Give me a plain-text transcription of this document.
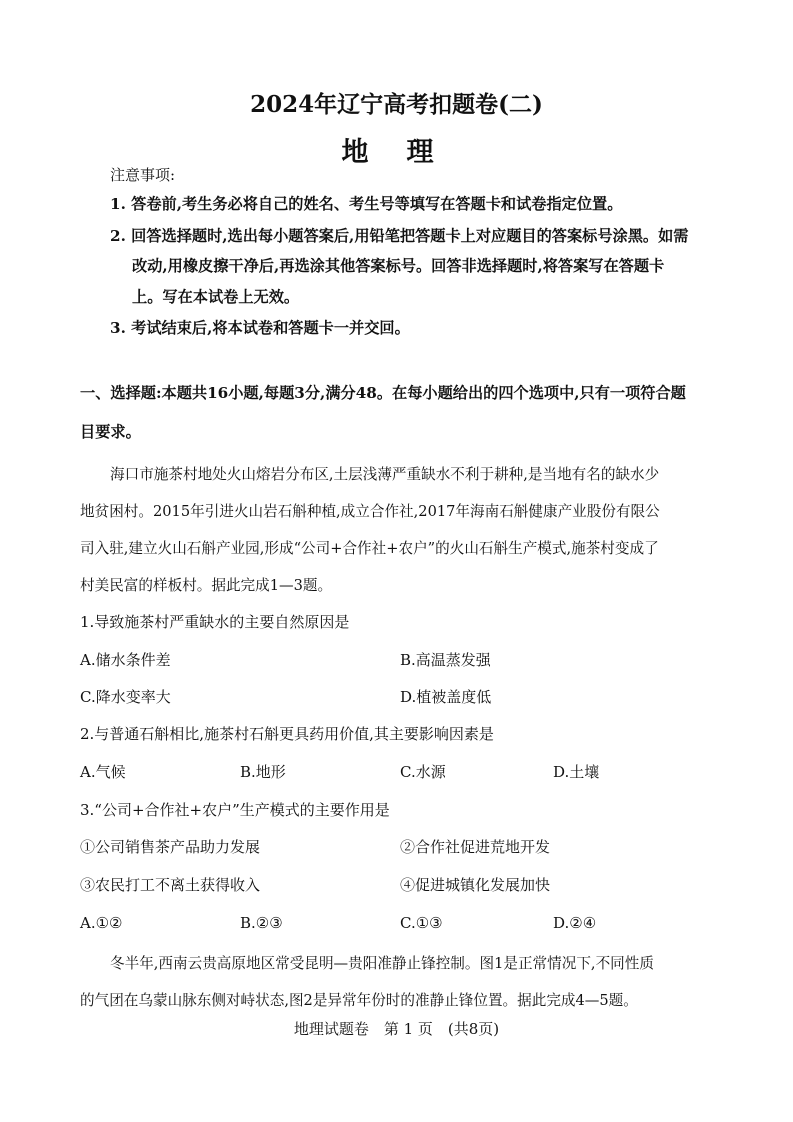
2024年辽宁高考扣题卷(二)
地理
注意事项:
1. 答卷前,考生务必将自己的姓名、考生号等填写在答题卡和试卷指定位置。
2. 回答选择题时,选出每小题答案后,用铅笔把答题卡上对应题目的答案标号涂黑。如需
改动,用橡皮擦干净后,再选涂其他答案标号。回答非选择题时,将答案写在答题卡
上。写在本试卷上无效。
3. 考试结束后,将本试卷和答题卡一并交回。
一、选择题:本题共16小题,每题3分,满分48。在每小题给出的四个选项中,只有一项符合题
目要求。
海口市施茶村地处火山熔岩分布区,土层浅薄严重缺水不利于耕种,是当地有名的缺水少
地贫困村。2015年引进火山岩石斛种植,成立合作社,2017年海南石斛健康产业股份有限公
司入驻,建立火山石斛产业园,形成“公司+合作社+农户”的火山石斛生产模式,施茶村变成了
村美民富的样板村。据此完成1—3题。
1.导致施茶村严重缺水的主要自然原因是
A.储水条件差	B.高温蒸发强
C.降水变率大	D.植被盖度低
2.与普通石斛相比,施茶村石斛更具药用价值,其主要影响因素是
A.气候	B.地形	C.水源	D.土壤
3.“公司+合作社+农户”生产模式的主要作用是
①公司销售茶产品助力发展	②合作社促进荒地开发
③农民打工不离土获得收入	④促进城镇化发展加快
A.①②	B.②③	C.①③	D.②④
冬半年,西南云贵高原地区常受昆明—贵阳准静止锋控制。图1是正常情况下,不同性质
的气团在乌蒙山脉东侧对峙状态,图2是异常年份时的准静止锋位置。据此完成4—5题。
地理试题卷　第 1 页　(共8页)
